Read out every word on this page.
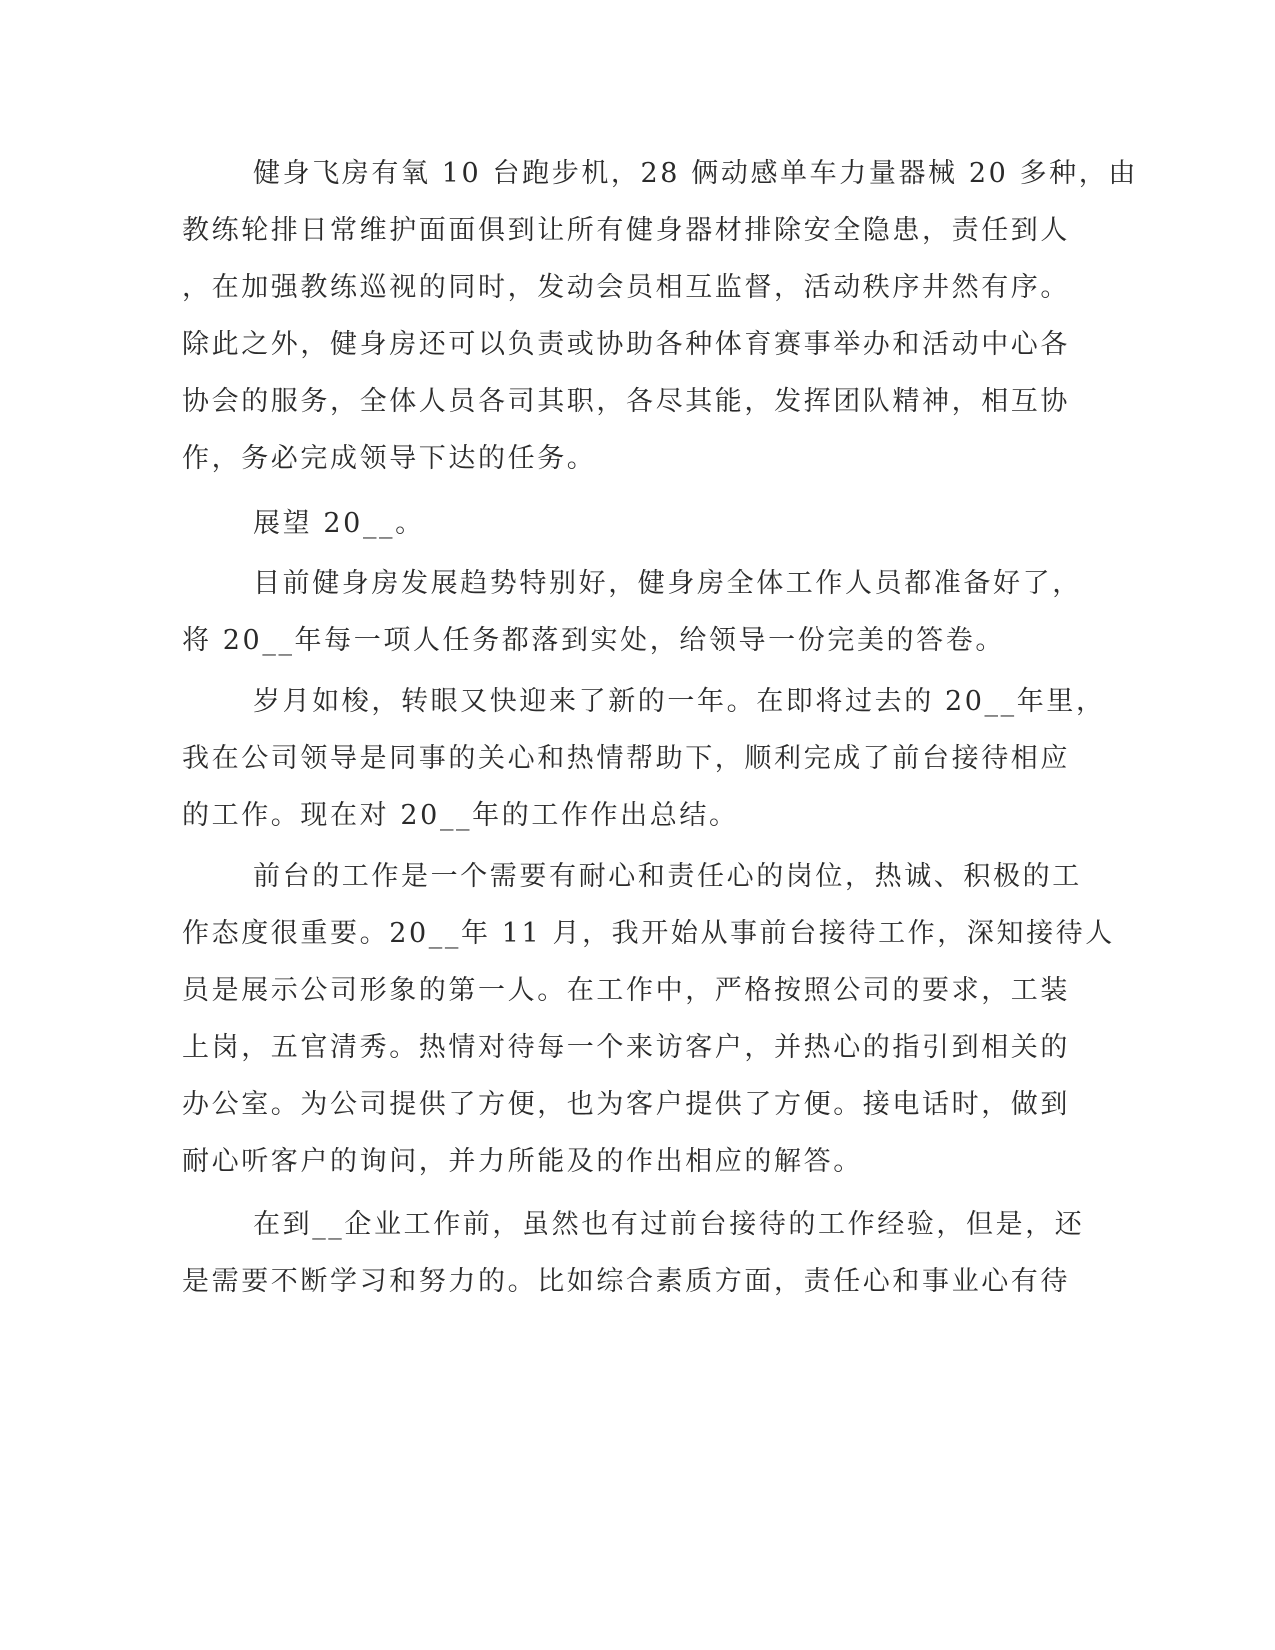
健身飞房有氧 10 台跑步机，28 俩动感单车力量器械 20 多种，由
教练轮排日常维护面面俱到让所有健身器材排除安全隐患，责任到人
，在加强教练巡视的同时，发动会员相互监督，活动秩序井然有序。
除此之外，健身房还可以负责或协助各种体育赛事举办和活动中心各
协会的服务，全体人员各司其职，各尽其能，发挥团队精神，相互协
作，务必完成领导下达的任务。
展望 20__。
目前健身房发展趋势特别好，健身房全体工作人员都准备好了，
将 20__年每一项人任务都落到实处，给领导一份完美的答卷。
岁月如梭，转眼又快迎来了新的一年。在即将过去的 20__年里，
我在公司领导是同事的关心和热情帮助下，顺利完成了前台接待相应
的工作。现在对 20__年的工作作出总结。
前台的工作是一个需要有耐心和责任心的岗位，热诚、积极的工
作态度很重要。20__年 11 月，我开始从事前台接待工作，深知接待人
员是展示公司形象的第一人。在工作中，严格按照公司的要求，工装
上岗，五官清秀。热情对待每一个来访客户，并热心的指引到相关的
办公室。为公司提供了方便，也为客户提供了方便。接电话时，做到
耐心听客户的询问，并力所能及的作出相应的解答。
在到__企业工作前，虽然也有过前台接待的工作经验，但是，还
是需要不断学习和努力的。比如综合素质方面，责任心和事业心有待
